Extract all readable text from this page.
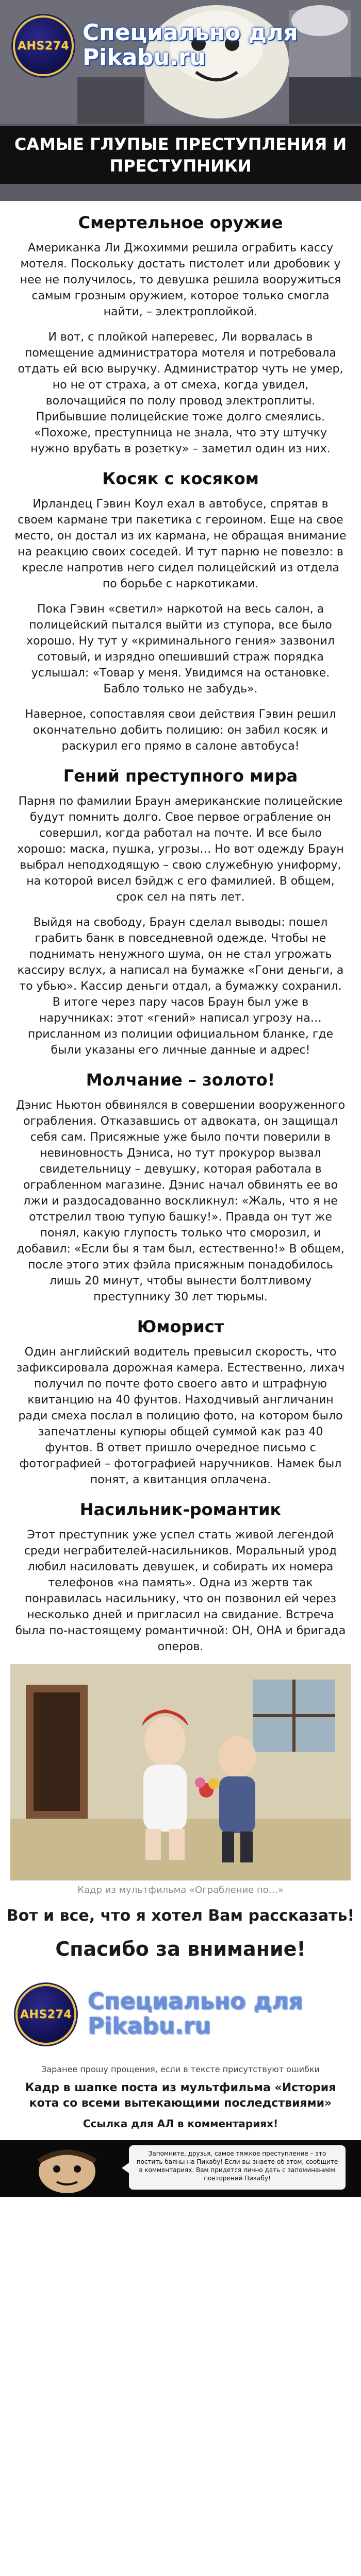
AHS274 Специально для
Pikabu.ru
САМЫЕ ГЛУПЫЕ ПРЕСТУПЛЕНИЯ И ПРЕСТУПНИКИ
Смертельное оружие

Американка Ли Джохимми решила ограбить кассу мотеля. Поскольку достать пистолет или дробовик у нее не получилось, то девушка решила вооружиться самым грозным оружием, которое только смогла найти, – электроплойкой.

И вот, с плойкой наперевес, Ли ворвалась в помещение администратора мотеля и потребовала отдать ей всю выручку. Администратор чуть не умер, но не от страха, а от смеха, когда увидел, волочащийся по полу провод электроплиты. Прибывшие полицейские тоже долго смеялись. «Похоже, преступница не знала, что эту штучку нужно врубать в розетку» – заметил один из них.

Косяк с косяком

Ирландец Гэвин Коул ехал в автобусе, спрятав в своем кармане три пакетика с героином. Еще на свое место, он достал из их кармана, не обращая внимание на реакцию своих соседей. И тут парню не повезло: в кресле напротив него сидел полицейский из отдела по борьбе с наркотиками.

Пока Гэвин «светил» наркотой на весь салон, а полицейский пытался выйти из ступора, все было хорошо. Ну тут у «криминального гения» зазвонил сотовый, и изрядно опешивший страж порядка услышал: «Товар у меня. Увидимся на остановке. Бабло только не забудь».

Наверное, сопоставляя свои действия Гэвин решил окончательно добить полицию: он забил косяк и раскурил его прямо в салоне автобуса!

Гений преступного мира

Парня по фамилии Браун американские полицейские будут помнить долго. Свое первое ограбление он совершил, когда работал на почте. И все было хорошо: маска, пушка, угрозы… Но вот одежду Браун выбрал неподходящую – свою служебную униформу, на которой висел бэйдж с его фамилией. В общем, срок сел на пять лет.

Выйдя на свободу, Браун сделал выводы: пошел грабить банк в повседневной одежде. Чтобы не поднимать ненужного шума, он не стал угрожать кассиру вслух, а написал на бумажке «Гони деньги, а то убью». Кассир деньги отдал, а бумажку сохранил. В итоге через пару часов Браун был уже в наручниках: этот «гений» написал угрозу на… присланном из полиции официальном бланке, где были указаны его личные данные и адрес!

Молчание – золото!

Дэнис Ньютон обвинялся в совершении вооруженного ограбления. Отказавшись от адвоката, он защищал себя сам. Присяжные уже было почти поверили в невиновность Дэниса, но тут прокурор вызвал свидетельницу – девушку, которая работала в ограбленном магазине. Дэнис начал обвинять ее во лжи и раздосадованно воскликнул: «Жаль, что я не отстрелил твою тупую башку!». Правда он тут же понял, какую глупость только что сморозил, и добавил: «Если бы я там был, естественно!» В общем, после этого этих фэйла присяжным понадобилось лишь 20 минут, чтобы вынести болтливому преступнику 30 лет тюрьмы.

Юморист

Один английский водитель превысил скорость, что зафиксировала дорожная камера. Естественно, лихач получил по почте фото своего авто и штрафную квитанцию на 40 фунтов. Находчивый англичанин ради смеха послал в полицию фото, на котором было запечатлены купюры общей суммой как раз 40 фунтов. В ответ пришло очередное письмо с фотографией – фотографией наручников. Намек был понят, а квитанция оплачена.

Насильник-романтик

Этот преступник уже успел стать живой легендой среди неграбителей-насильников. Моральный урод любил насиловать девушек, и собирать их номера телефонов «на память». Одна из жертв так понравилась насильнику, что он позвонил ей через несколько дней и пригласил на свидание. Встреча была по-настоящему романтичной: ОН, ОНА и бригада оперов.

Кадр из мультфильма «Ограбление по…»
Вот и все, что я хотел Вам рассказать!
Спасибо за внимание!
AHS274 Специально для
Pikabu.ru
Заранее прошу прощения, если в тексте присутствуют ошибки
Кадр в шапке поста из мультфильма «История кота со всеми вытекающими последствиями»
Ссылка для АЛ в комментариях!
Запомните, друзья, самое тяжкое преступление – это постить баяны на Пикабу! Если вы знаете об этом, сообщите в комментариях. Вам придется лично дать с запоминанием повторений Пикабу!
